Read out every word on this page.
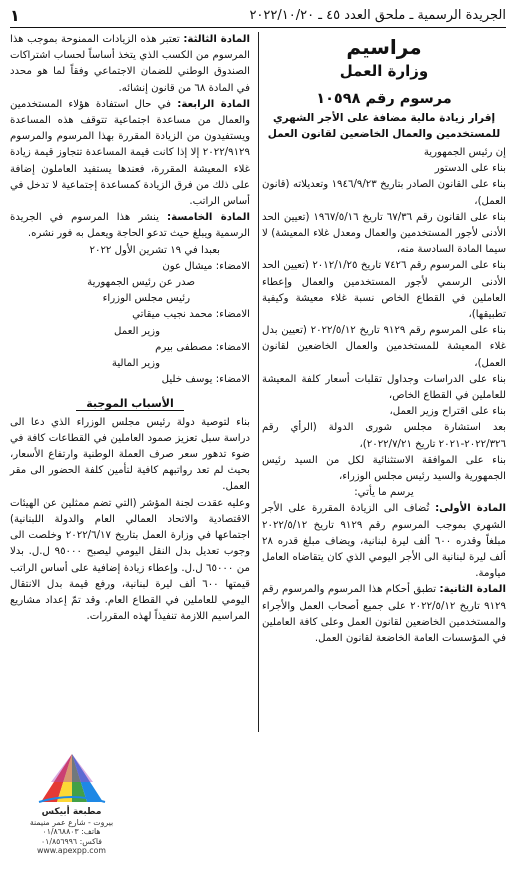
الجريدة الرسمية ـ ملحق العدد ٤٥ ـ ٢٠٢٢/١٠/٢٠
١
مراسيم
وزارة العمل
مرسوم رقم ١٠٥٩٨
إقرار زيادة مالية مضافة على الأجر الشهري
للمستخدمين والعمال الخاضعين لقانون العمل

إن رئيس الجمهورية

بناء على الدستور

بناء على القانون الصادر بتاريخ ١٩٤٦/٩/٢٣ وتعديلاته (قانون العمل)،

بناء على القانون رقم ٦٧/٣٦ تاريخ ١٩٦٧/٥/١٦ (تعيين الحد الأدنى لأجور المستخدمين والعمال ومعدل غلاء المعيشة) لا سيما المادة السادسة منه،

بناء على المرسوم رقم ٧٤٢٦ تاريخ ٢٠١٢/١/٢٥ (تعيين الحد الأدنى الرسمي لأجور المستخدمين والعمال وإعطاء العاملين في القطاع الخاص نسبة غلاء معيشة وكيفية تطبيقها)،

بناء على المرسوم رقم ٩١٢٩ تاريخ ٢٠٢٢/٥/١٢ (تعيين بدل غلاء المعيشة للمستخدمين والعمال الخاضعين لقانون العمل)،

بناء على الدراسات وجداول تقلبات أسعار كلفة المعيشة للعاملين في القطاع الخاص،

بناء على اقتراح وزير العمل،

بعد استشارة مجلس شورى الدولة (الرأي رقم ٢٠٢٢/٣٢٦-٢٠٢١ تاريخ ٢٠٢٢/٧/٢١)،

بناء على الموافقة الاستثنائية لكل من السيد رئيس الجمهورية والسيد رئيس مجلس الوزراء،

يرسم ما يأتي:

المادة الأولى: تُضاف الى الزيادة المقررة على الأجر الشهري بموجب المرسوم رقم ٩١٢٩ تاريخ ٢٠٢٢/٥/١٢ مبلغاً وقدره ٦٠٠ ألف ليرة لبنانية، ويضاف مبلغ قدره ٢٨ ألف ليرة لبنانية الى الأجر اليومي الذي كان يتقاضاه العامل مياومة.

المادة الثانية: تطبق أحكام هذا المرسوم والمرسوم رقم ٩١٢٩ تاريخ ٢٠٢٢/٥/١٢ على جميع أصحاب العمل والأجراء والمستخدمين الخاضعين لقانون العمل وعلى كافة العاملين في المؤسسات العامة الخاضعة لقانون العمل.

المادة الثالثة: تعتبر هذه الزيادات الممنوحة بموجب هذا المرسوم من الكسب الذي يتخذ أساساً لحساب اشتراكات الصندوق الوطني للضمان الاجتماعي وفقاً لما هو محدد في المادة ٦٨ من قانون إنشائه.

المادة الرابعة: في حال استفادة هؤلاء المستخدمين والعمال من مساعدة اجتماعية تتوقف هذه المساعدة ويستفيدون من الزيادة المقررة بهذا المرسوم والمرسوم ٢٠٢٢/٩١٢٩ إلا إذا كانت قيمة المساعدة تتجاوز قيمة زيادة غلاء المعيشة المقررة، فعندها يستفيد العاملون إضافة على ذلك من فرق الزيادة كمساعدة إجتماعية لا تدخل في أساس الراتب.

المادة الخامسة: ينشر هذا المرسوم في الجريدة الرسمية ويبلغ حيث تدعو الحاجة ويعمل به فور نشره.

بعبدا في ١٩ تشرين الأول ٢٠٢٢

الامضاء: ميشال عون

صدر عن رئيس الجمهورية

رئيس مجلس الوزراء

الامضاء: محمد نجيب ميقاتي

وزير العمل

الامضاء: مصطفى بيرم

وزير المالية

الامضاء: يوسف خليل

الأسباب الموجبة

بناء لتوصية دولة رئيس مجلس الوزراء الذي دعا الى دراسة سبل تعزيز صمود العاملين في القطاعات كافة في ضوء تدهور سعر صرف العملة الوطنية وارتفاع الأسعار، بحيث لم تعد رواتبهم كافية لتأمين كلفة الحضور الى مقر العمل.

وعليه عقدت لجنة المؤشر (التي تضم ممثلين عن الهيئات الاقتصادية والاتحاد العمالي العام والدولة اللبنانية) اجتماعها في وزارة العمل بتاريخ ٢٠٢٢/٦/١٧ وخلصت الى وجوب تعديل بدل النقل اليومي ليصبح ٩٥٠٠٠ ل.ل. بدلا من ٦٥٠٠٠ ل.ل. وإعطاء زيادة إضافية على أساس الراتب قيمتها ٦٠٠ ألف ليرة لبنانية، ورفع قيمة بدل الانتقال اليومي للعاملين في القطاع العام. وقد تمّ إعداد مشاريع المراسيم اللازمة تنفيذاً لهذه المقررات.

مطبعة أبيكس
بيروت - شارع عمر منيمنة
هاتف: ٠١/٨٦٨٨٠٣
فاكس: ٠١/٨٥٦٩٩٦
www.apexpp.com
